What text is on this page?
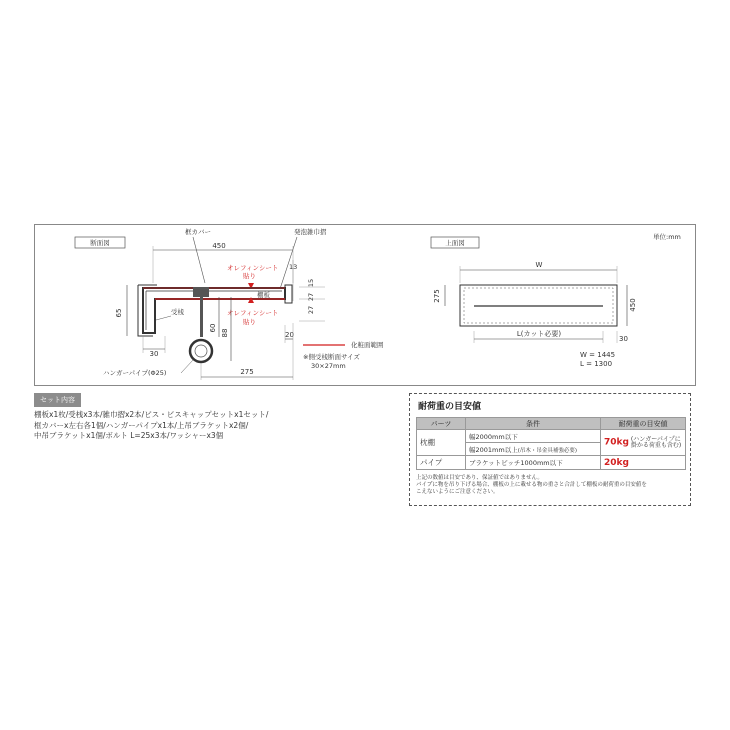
断面図
框カバー	発泡雑巾摺
450
オレフィンシート
貼り
棚板
オレフィンシート
貼り
受桟
65
30
13
15
27
27
20
60
88
ハンガーパイプ(Φ25)	275
化粧面範囲
※側受桟断面サイズ
30×27mm
単位:mm
上面図
W
275
450
L(カット必要)
30
W = 1445
L = 1300
セット内容
棚板x1枚/受桟x3本/雑巾摺x2本/ビス・ビスキャップセットx1セット/
框カバーx左右各1個/ハンガーパイプx1本/上吊ブラケットx2個/
中吊ブラケットx1個/ボルト L=25x3本/ワッシャーx3個
耐荷重の目安値
パーツ	条件	耐荷重の目安値
枕棚	幅2000mm以下	70kg (ハンガーパイプに
掛かる荷重も含む)
	幅2001mm以上(吊木・吊金具補強必要)	
パイプ	ブラケットピッチ1000mm以下	20kg
上記の数値は目安であり、保証値ではありません。
パイプに物を吊り下げる場合、棚板の上に載せる物の重さと合計して棚板の耐荷重の目安値を
こえないようにご注意ください。
